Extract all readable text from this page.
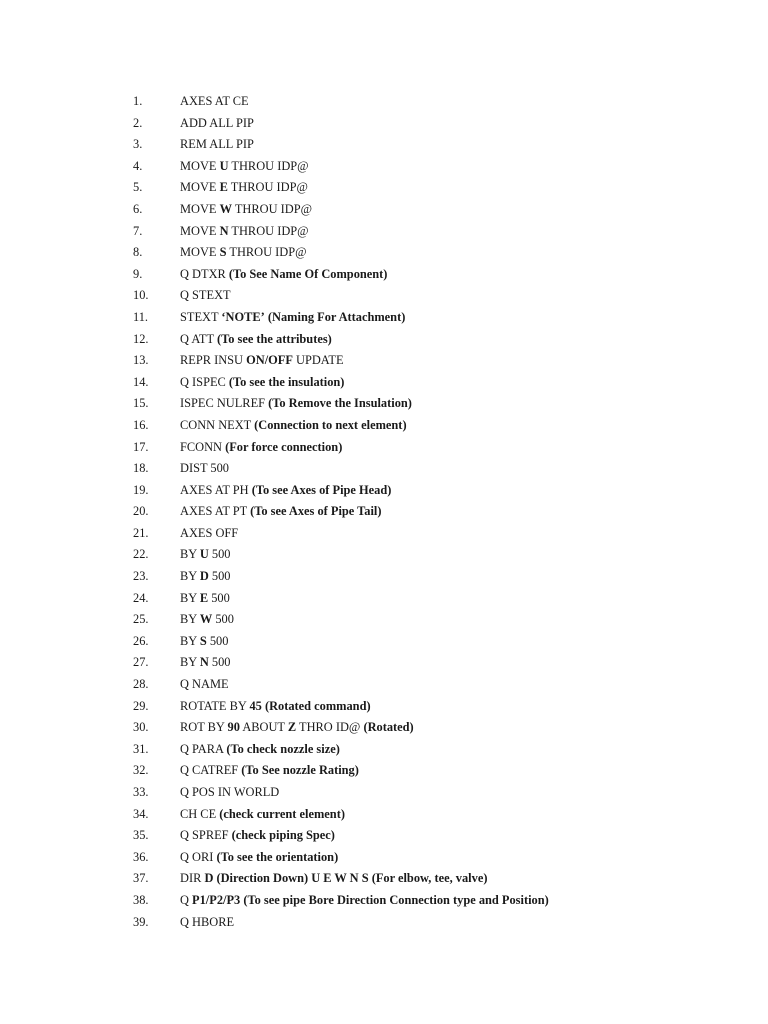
1.	AXES AT CE
2.	ADD ALL PIP
3.	REM ALL PIP
4.	MOVE U THROU IDP@
5.	MOVE E THROU IDP@
6.	MOVE W THROU IDP@
7.	MOVE N THROU IDP@
8.	MOVE S THROU IDP@
9.	Q DTXR (To See Name Of Component)
10.	Q STEXT
11.	STEXT ‘NOTE’ (Naming For Attachment)
12.	Q ATT (To see the attributes)
13.	REPR INSU ON/OFF UPDATE
14.	Q ISPEC (To see the insulation)
15.	ISPEC NULREF (To Remove the Insulation)
16.	CONN NEXT (Connection to next element)
17.	FCONN (For force connection)
18.	DIST 500
19.	AXES AT PH (To see Axes of Pipe Head)
20.	AXES AT PT (To see Axes of Pipe Tail)
21.	AXES OFF
22.	BY U 500
23.	BY D 500
24.	BY E 500
25.	BY W 500
26.	BY S 500
27.	BY N 500
28.	Q NAME
29.	ROTATE BY 45 (Rotated command)
30.	ROT BY 90 ABOUT Z THRO ID@ (Rotated)
31.	Q PARA (To check nozzle size)
32.	Q CATREF (To See nozzle Rating)
33.	Q POS IN WORLD
34.	CH CE (check current element)
35.	Q SPREF (check piping Spec)
36.	Q ORI (To see the orientation)
37.	DIR D (Direction Down) U E W N S (For elbow, tee, valve)
38.	Q P1/P2/P3 (To see pipe Bore Direction Connection type and Position)
39.	Q HBORE
